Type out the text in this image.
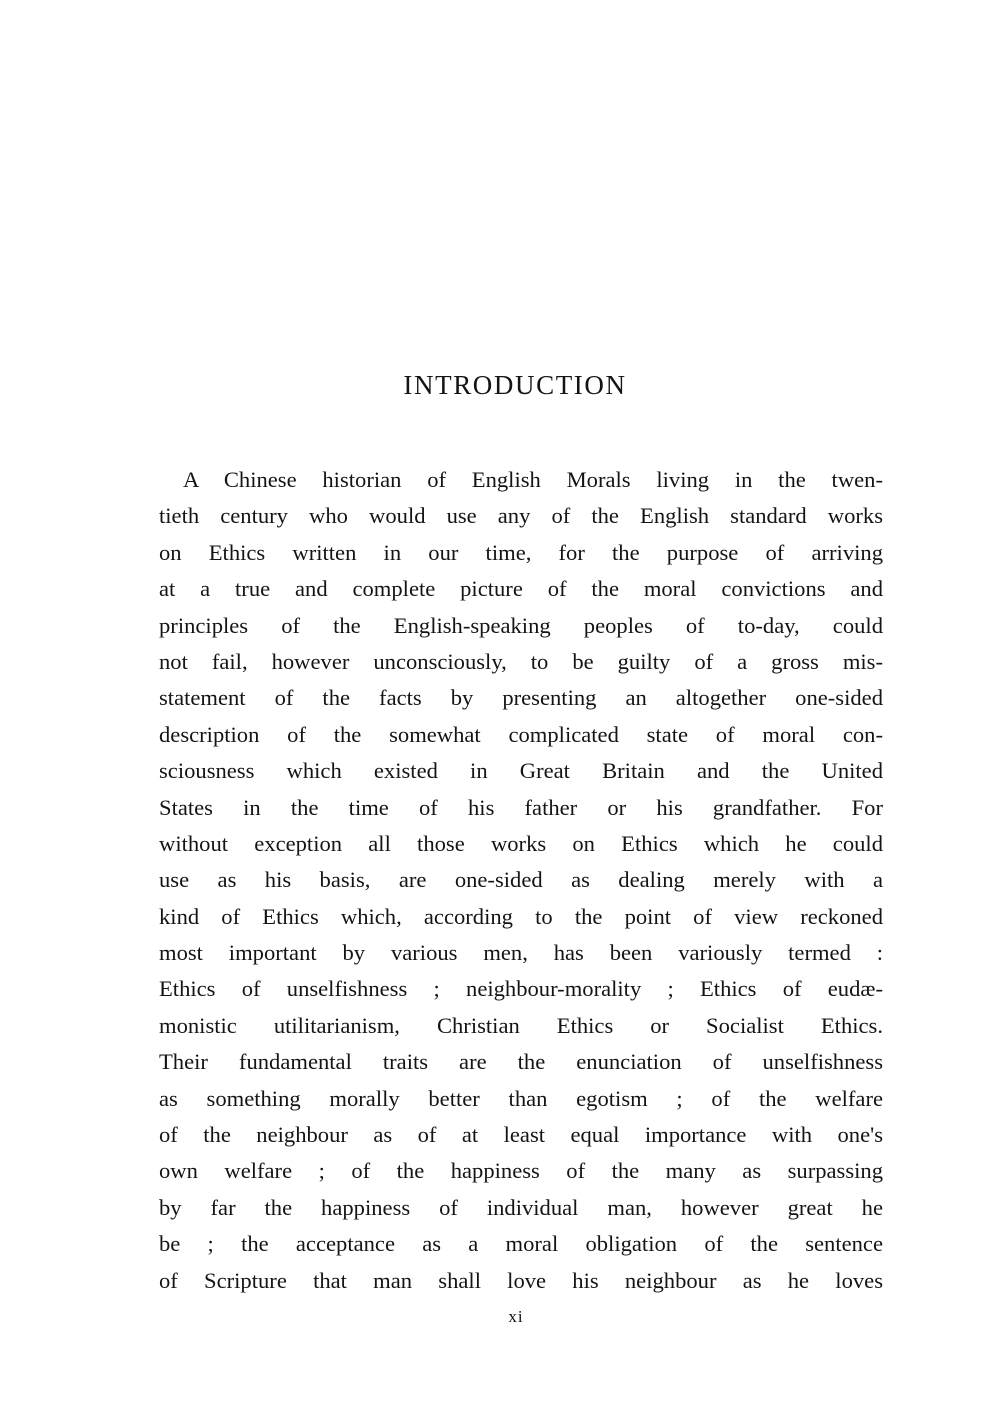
INTRODUCTION
A Chinese historian of English Morals living in the twen-
tieth century who would use any of the English standard works
on Ethics written in our time, for the purpose of arriving
at a true and complete picture of the moral convictions and
principles of the English-speaking peoples of to-day, could
not fail, however unconsciously, to be guilty of a gross mis-
statement of the facts by presenting an altogether one-sided
description of the somewhat complicated state of moral con-
sciousness which existed in Great Britain and the United
States in the time of his father or his grandfather. For
without exception all those works on Ethics which he could
use as his basis, are one-sided as dealing merely with a
kind of Ethics which, according to the point of view reckoned
most important by various men, has been variously termed :
Ethics of unselfishness ; neighbour-morality ; Ethics of eudæ-
monistic utilitarianism, Christian Ethics or Socialist Ethics.
Their fundamental traits are the enunciation of unselfishness
as something morally better than egotism ; of the welfare
of the neighbour as of at least equal importance with one's
own welfare ; of the happiness of the many as surpassing
by far the happiness of individual man, however great he
be ; the acceptance as a moral obligation of the sentence
of Scripture that man shall love his neighbour as he loves
xi
